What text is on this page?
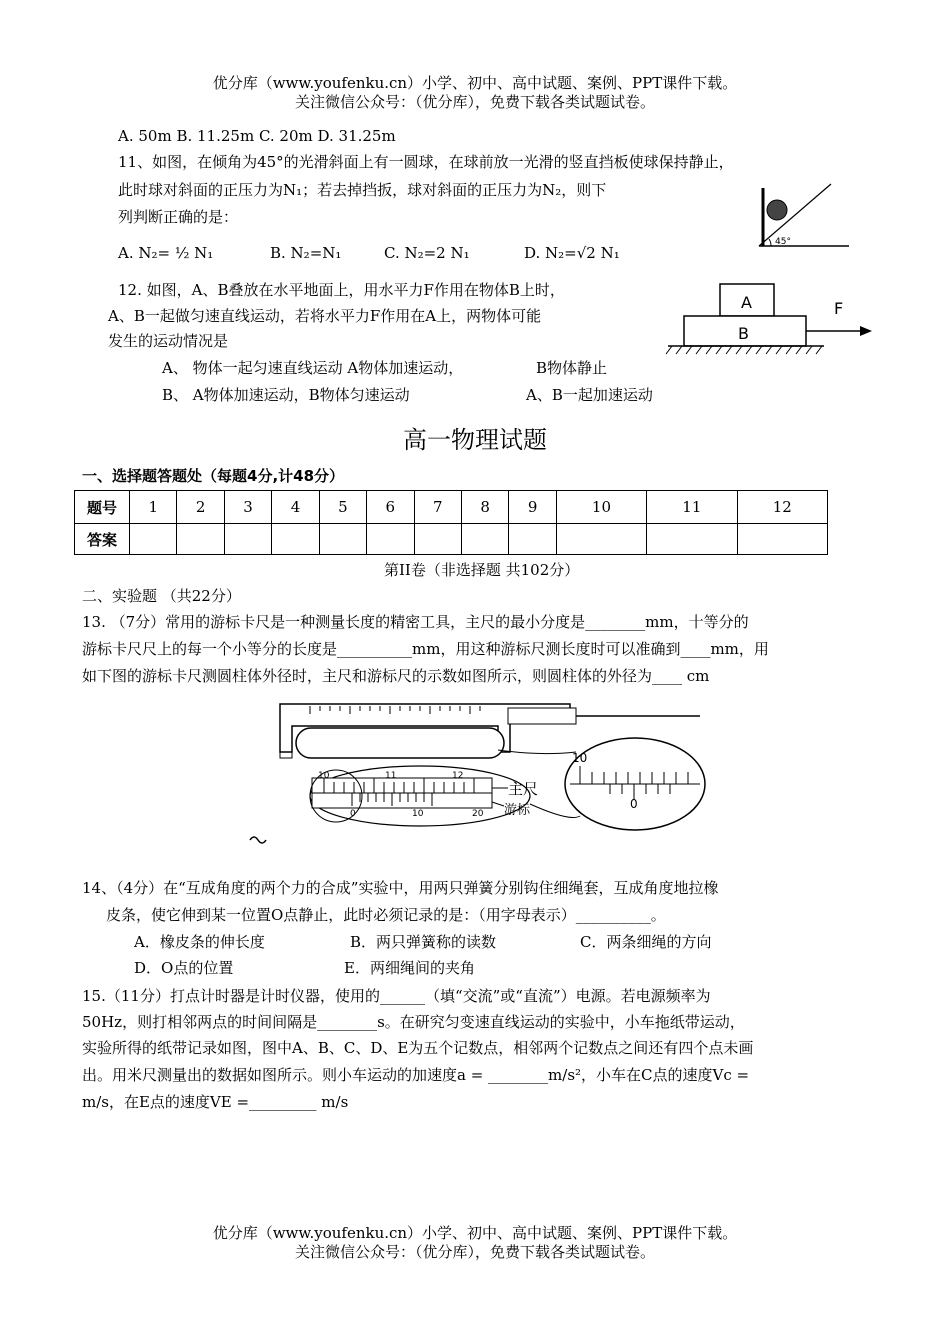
优分库（www.youfenku.cn）小学、初中、高中试题、案例、PPT课件下载。
关注微信公众号：（优分库），免费下载各类试题试卷。
A. 50m B. 11.25m C. 20m D. 31.25m
11、如图，在倾角为45°的光滑斜面上有一圆球，在球前放一光滑的竖直挡板使球保持静止，
此时球对斜面的正压力为N₁；若去掉挡扳，球对斜面的正压力为N₂，则下
列判断正确的是：
A. N₂= ½ N₁	B. N₂=N₁	C. N₂=2 N₁	D. N₂=√2 N₁
45°
12. 如图，A、B叠放在水平地面上，用水平力F作用在物体B上时，
A、B一起做匀速直线运动，若将水平力F作用在A上，两物体可能
发生的运动情况是
A、 物体一起匀速直线运动 A物体加速运动，	B物体静止
B、 A物体加速运动，B物体匀速运动	A、B一起加速运动
A
B
F
高一物理试题
一、选择题答题处（每题4分,计48分）
题号	1	2	3	4	5	6	7	8	9	10	11	12
答案												
第II卷（非选择题 共102分）
二、实验题 （共22分）
13. （7分）常用的游标卡尺是一种测量长度的精密工具，主尺的最小分度是________mm，十等分的
游标卡尺尺上的每一个小等分的长度是__________mm，用这种游标尺测长度时可以准确到____mm，用
如下图的游标卡尺测圆柱体外径时，主尺和游标尺的示数如图所示，则圆柱体的外径为____ cm
10	11	12
0	10	20
主尺
游标
10
0
14、（4分）在“互成角度的两个力的合成”实验中，用两只弹簧分别钩住细绳套，互成角度地拉橡
皮条，使它伸到某一位置O点静止，此时必须记录的是：（用字母表示）__________。
A．橡皮条的伸长度	B．两只弹簧称的读数	C．两条细绳的方向
D．O点的位置	E．两细绳间的夹角
15.（11分）打点计时器是计时仪器，使用的______（填“交流”或“直流”）电源。若电源频率为
50Hz，则打相邻两点的时间间隔是________s。在研究匀变速直线运动的实验中，小车拖纸带运动，
实验所得的纸带记录如图，图中A、B、C、D、E为五个记数点，相邻两个记数点之间还有四个点未画
出。用米尺测量出的数据如图所示。则小车运动的加速度a = ________m/s²，小车在C点的速度Vc =
m/s，在E点的速度VE =_________ m/s
优分库（www.youfenku.cn）小学、初中、高中试题、案例、PPT课件下载。
关注微信公众号：（优分库），免费下载各类试题试卷。
